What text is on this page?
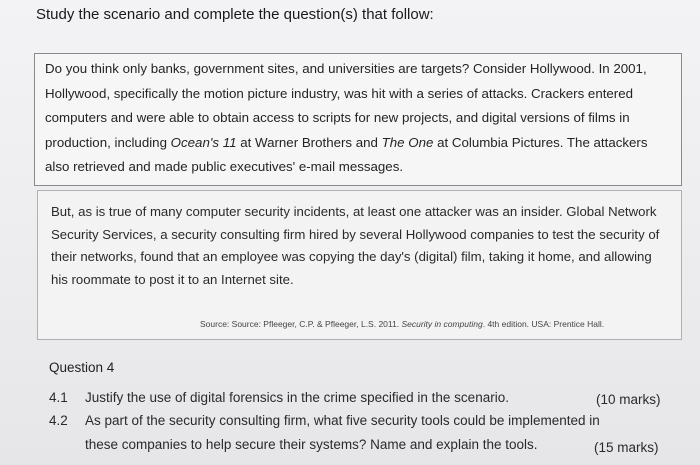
Study the scenario and complete the question(s) that follow:
Do you think only banks, government sites, and universities are targets? Consider Hollywood. In 2001, Hollywood, specifically the motion picture industry, was hit with a series of attacks. Crackers entered computers and were able to obtain access to scripts for new projects, and digital versions of films in production, including Ocean's 11 at Warner Brothers and The One at Columbia Pictures. The attackers also retrieved and made public executives' e-mail messages.
But, as is true of many computer security incidents, at least one attacker was an insider. Global Network Security Services, a security consulting firm hired by several Hollywood companies to test the security of their networks, found that an employee was copying the day's (digital) film, taking it home, and allowing his roommate to post it to an Internet site.
Source: Source: Pfleeger, C.P. & Pfleeger, L.S. 2011. Security in computing. 4th edition. USA: Prentice Hall.
Question 4
4.1 Justify the use of digital forensics in the crime specified in the scenario.	(10 marks)
4.2 As part of the security consulting firm, what five security tools could be implemented in
these companies to help secure their systems? Name and explain the tools.	(15 marks)
